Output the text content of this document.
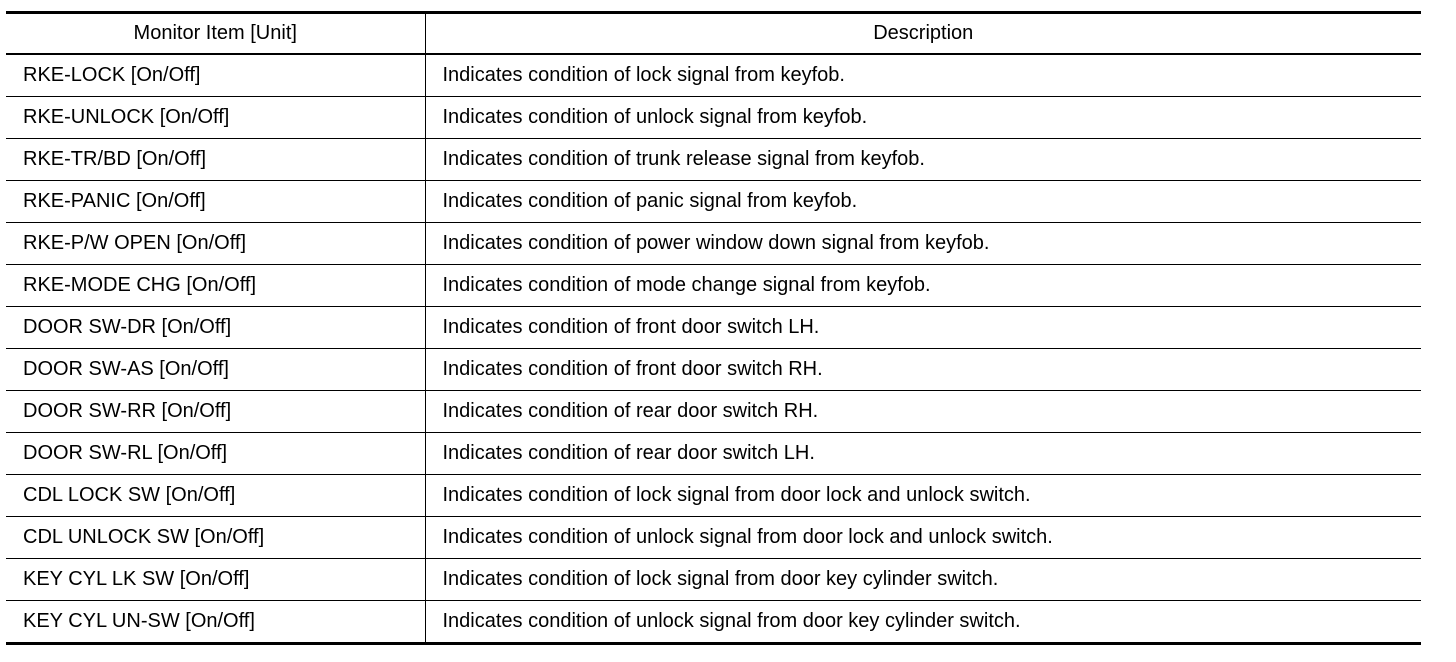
Monitor Item [Unit]	Description
RKE-LOCK [On/Off]	Indicates condition of lock signal from keyfob.
RKE-UNLOCK [On/Off]	Indicates condition of unlock signal from keyfob.
RKE-TR/BD [On/Off]	Indicates condition of trunk release signal from keyfob.
RKE-PANIC [On/Off]	Indicates condition of panic signal from keyfob.
RKE-P/W OPEN [On/Off]	Indicates condition of power window down signal from keyfob.
RKE-MODE CHG [On/Off]	Indicates condition of mode change signal from keyfob.
DOOR SW-DR [On/Off]	Indicates condition of front door switch LH.
DOOR SW-AS [On/Off]	Indicates condition of front door switch RH.
DOOR SW-RR [On/Off]	Indicates condition of rear door switch RH.
DOOR SW-RL [On/Off]	Indicates condition of rear door switch LH.
CDL LOCK SW [On/Off]	Indicates condition of lock signal from door lock and unlock switch.
CDL UNLOCK SW [On/Off]	Indicates condition of unlock signal from door lock and unlock switch.
KEY CYL LK SW [On/Off]	Indicates condition of lock signal from door key cylinder switch.
KEY CYL UN-SW [On/Off]	Indicates condition of unlock signal from door key cylinder switch.
